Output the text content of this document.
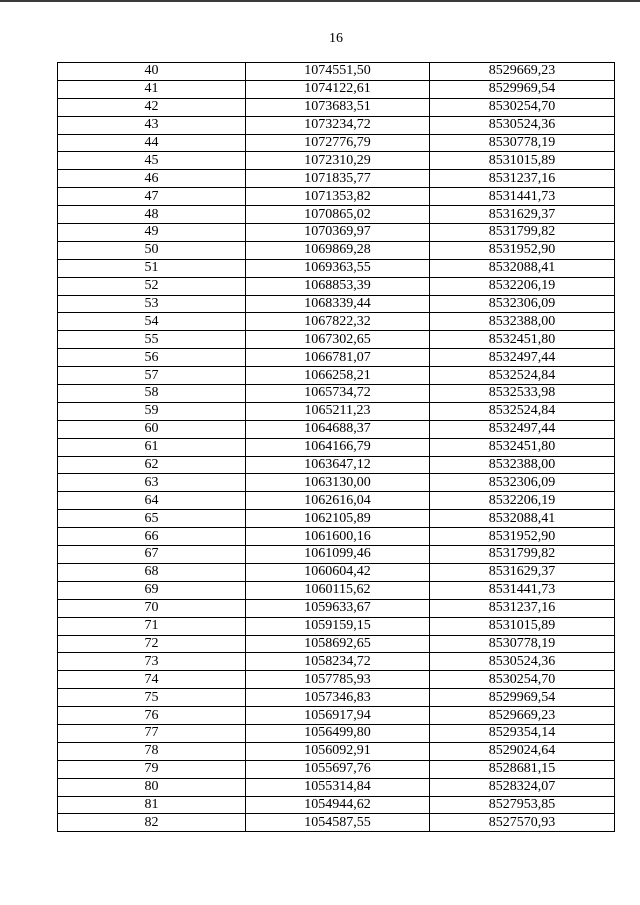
16
40	1074551,50	8529669,23
41	1074122,61	8529969,54
42	1073683,51	8530254,70
43	1073234,72	8530524,36
44	1072776,79	8530778,19
45	1072310,29	8531015,89
46	1071835,77	8531237,16
47	1071353,82	8531441,73
48	1070865,02	8531629,37
49	1070369,97	8531799,82
50	1069869,28	8531952,90
51	1069363,55	8532088,41
52	1068853,39	8532206,19
53	1068339,44	8532306,09
54	1067822,32	8532388,00
55	1067302,65	8532451,80
56	1066781,07	8532497,44
57	1066258,21	8532524,84
58	1065734,72	8532533,98
59	1065211,23	8532524,84
60	1064688,37	8532497,44
61	1064166,79	8532451,80
62	1063647,12	8532388,00
63	1063130,00	8532306,09
64	1062616,04	8532206,19
65	1062105,89	8532088,41
66	1061600,16	8531952,90
67	1061099,46	8531799,82
68	1060604,42	8531629,37
69	1060115,62	8531441,73
70	1059633,67	8531237,16
71	1059159,15	8531015,89
72	1058692,65	8530778,19
73	1058234,72	8530524,36
74	1057785,93	8530254,70
75	1057346,83	8529969,54
76	1056917,94	8529669,23
77	1056499,80	8529354,14
78	1056092,91	8529024,64
79	1055697,76	8528681,15
80	1055314,84	8528324,07
81	1054944,62	8527953,85
82	1054587,55	8527570,93
